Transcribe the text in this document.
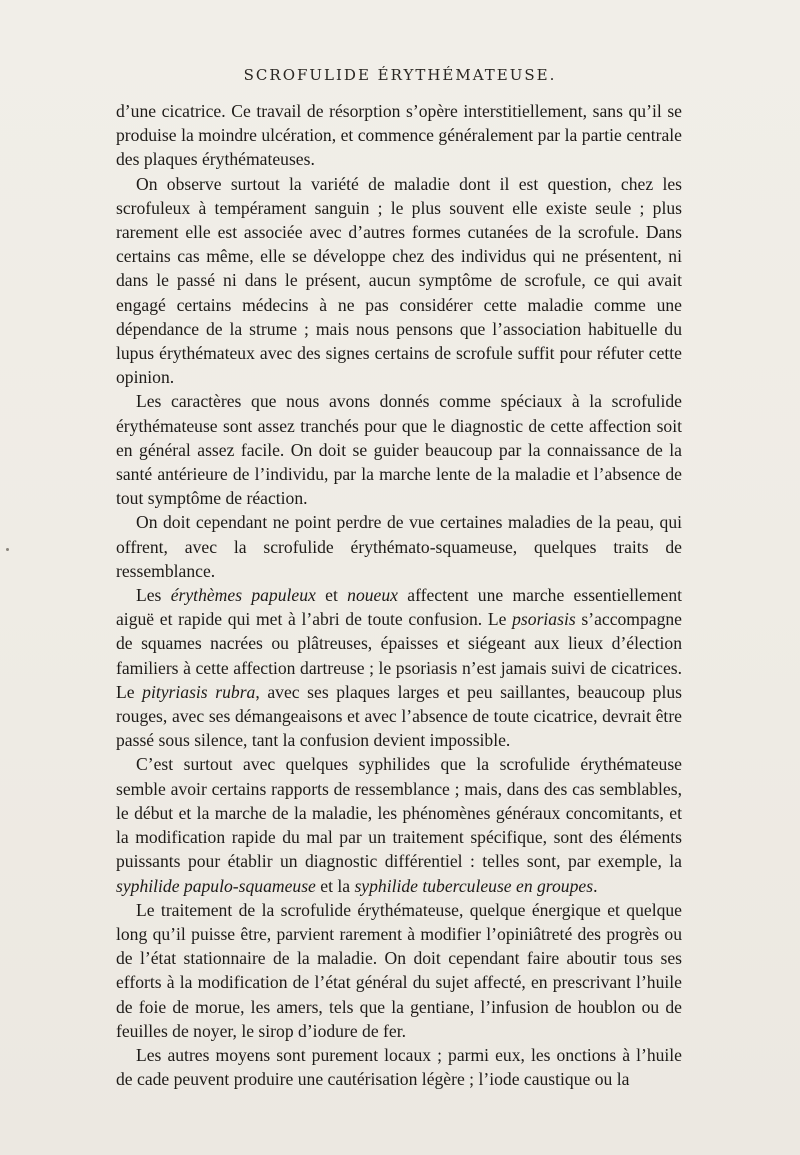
SCROFULIDE ÉRYTHÉMATEUSE.

d’une cicatrice. Ce travail de résorption s’opère interstitiellement, sans qu’il se produise la moindre ulcération, et commence généralement par la partie centrale des plaques érythémateuses.

On observe surtout la variété de maladie dont il est question, chez les scrofuleux à tempérament sanguin ; le plus souvent elle existe seule ; plus rarement elle est associée avec d’autres formes cutanées de la scrofule. Dans certains cas même, elle se développe chez des individus qui ne présentent, ni dans le passé ni dans le présent, aucun symptôme de scrofule, ce qui avait engagé certains médecins à ne pas considérer cette maladie comme une dépendance de la strume ; mais nous pensons que l’association habituelle du lupus érythémateux avec des signes certains de scrofule suffit pour réfuter cette opinion.

Les caractères que nous avons donnés comme spéciaux à la scrofulide érythémateuse sont assez tranchés pour que le diagnostic de cette affection soit en général assez facile. On doit se guider beaucoup par la connaissance de la santé antérieure de l’individu, par la marche lente de la maladie et l’absence de tout symptôme de réaction.

On doit cependant ne point perdre de vue certaines maladies de la peau, qui offrent, avec la scrofulide érythémato-squameuse, quelques traits de ressemblance.

Les érythèmes papuleux et noueux affectent une marche essentiellement aiguë et rapide qui met à l’abri de toute confusion. Le psoriasis s’accompagne de squames nacrées ou plâtreuses, épaisses et siégeant aux lieux d’élection familiers à cette affection dartreuse ; le psoriasis n’est jamais suivi de cicatrices. Le pityriasis rubra, avec ses plaques larges et peu saillantes, beaucoup plus rouges, avec ses démangeaisons et avec l’absence de toute cicatrice, devrait être passé sous silence, tant la confusion devient impossible.

C’est surtout avec quelques syphilides que la scrofulide érythémateuse semble avoir certains rapports de ressemblance ; mais, dans des cas semblables, le début et la marche de la maladie, les phénomènes généraux concomitants, et la modification rapide du mal par un traitement spécifique, sont des éléments puissants pour établir un diagnostic différentiel : telles sont, par exemple, la syphilide papulo-squameuse et la syphilide tuberculeuse en groupes.

Le traitement de la scrofulide érythémateuse, quelque énergique et quelque long qu’il puisse être, parvient rarement à modifier l’opiniâtreté des progrès ou de l’état stationnaire de la maladie. On doit cependant faire aboutir tous ses efforts à la modification de l’état général du sujet affecté, en prescrivant l’huile de foie de morue, les amers, tels que la gentiane, l’infusion de houblon ou de feuilles de noyer, le sirop d’iodure de fer.

Les autres moyens sont purement locaux ; parmi eux, les onctions à l’huile de cade peuvent produire une cautérisation légère ; l’iode caustique ou la
